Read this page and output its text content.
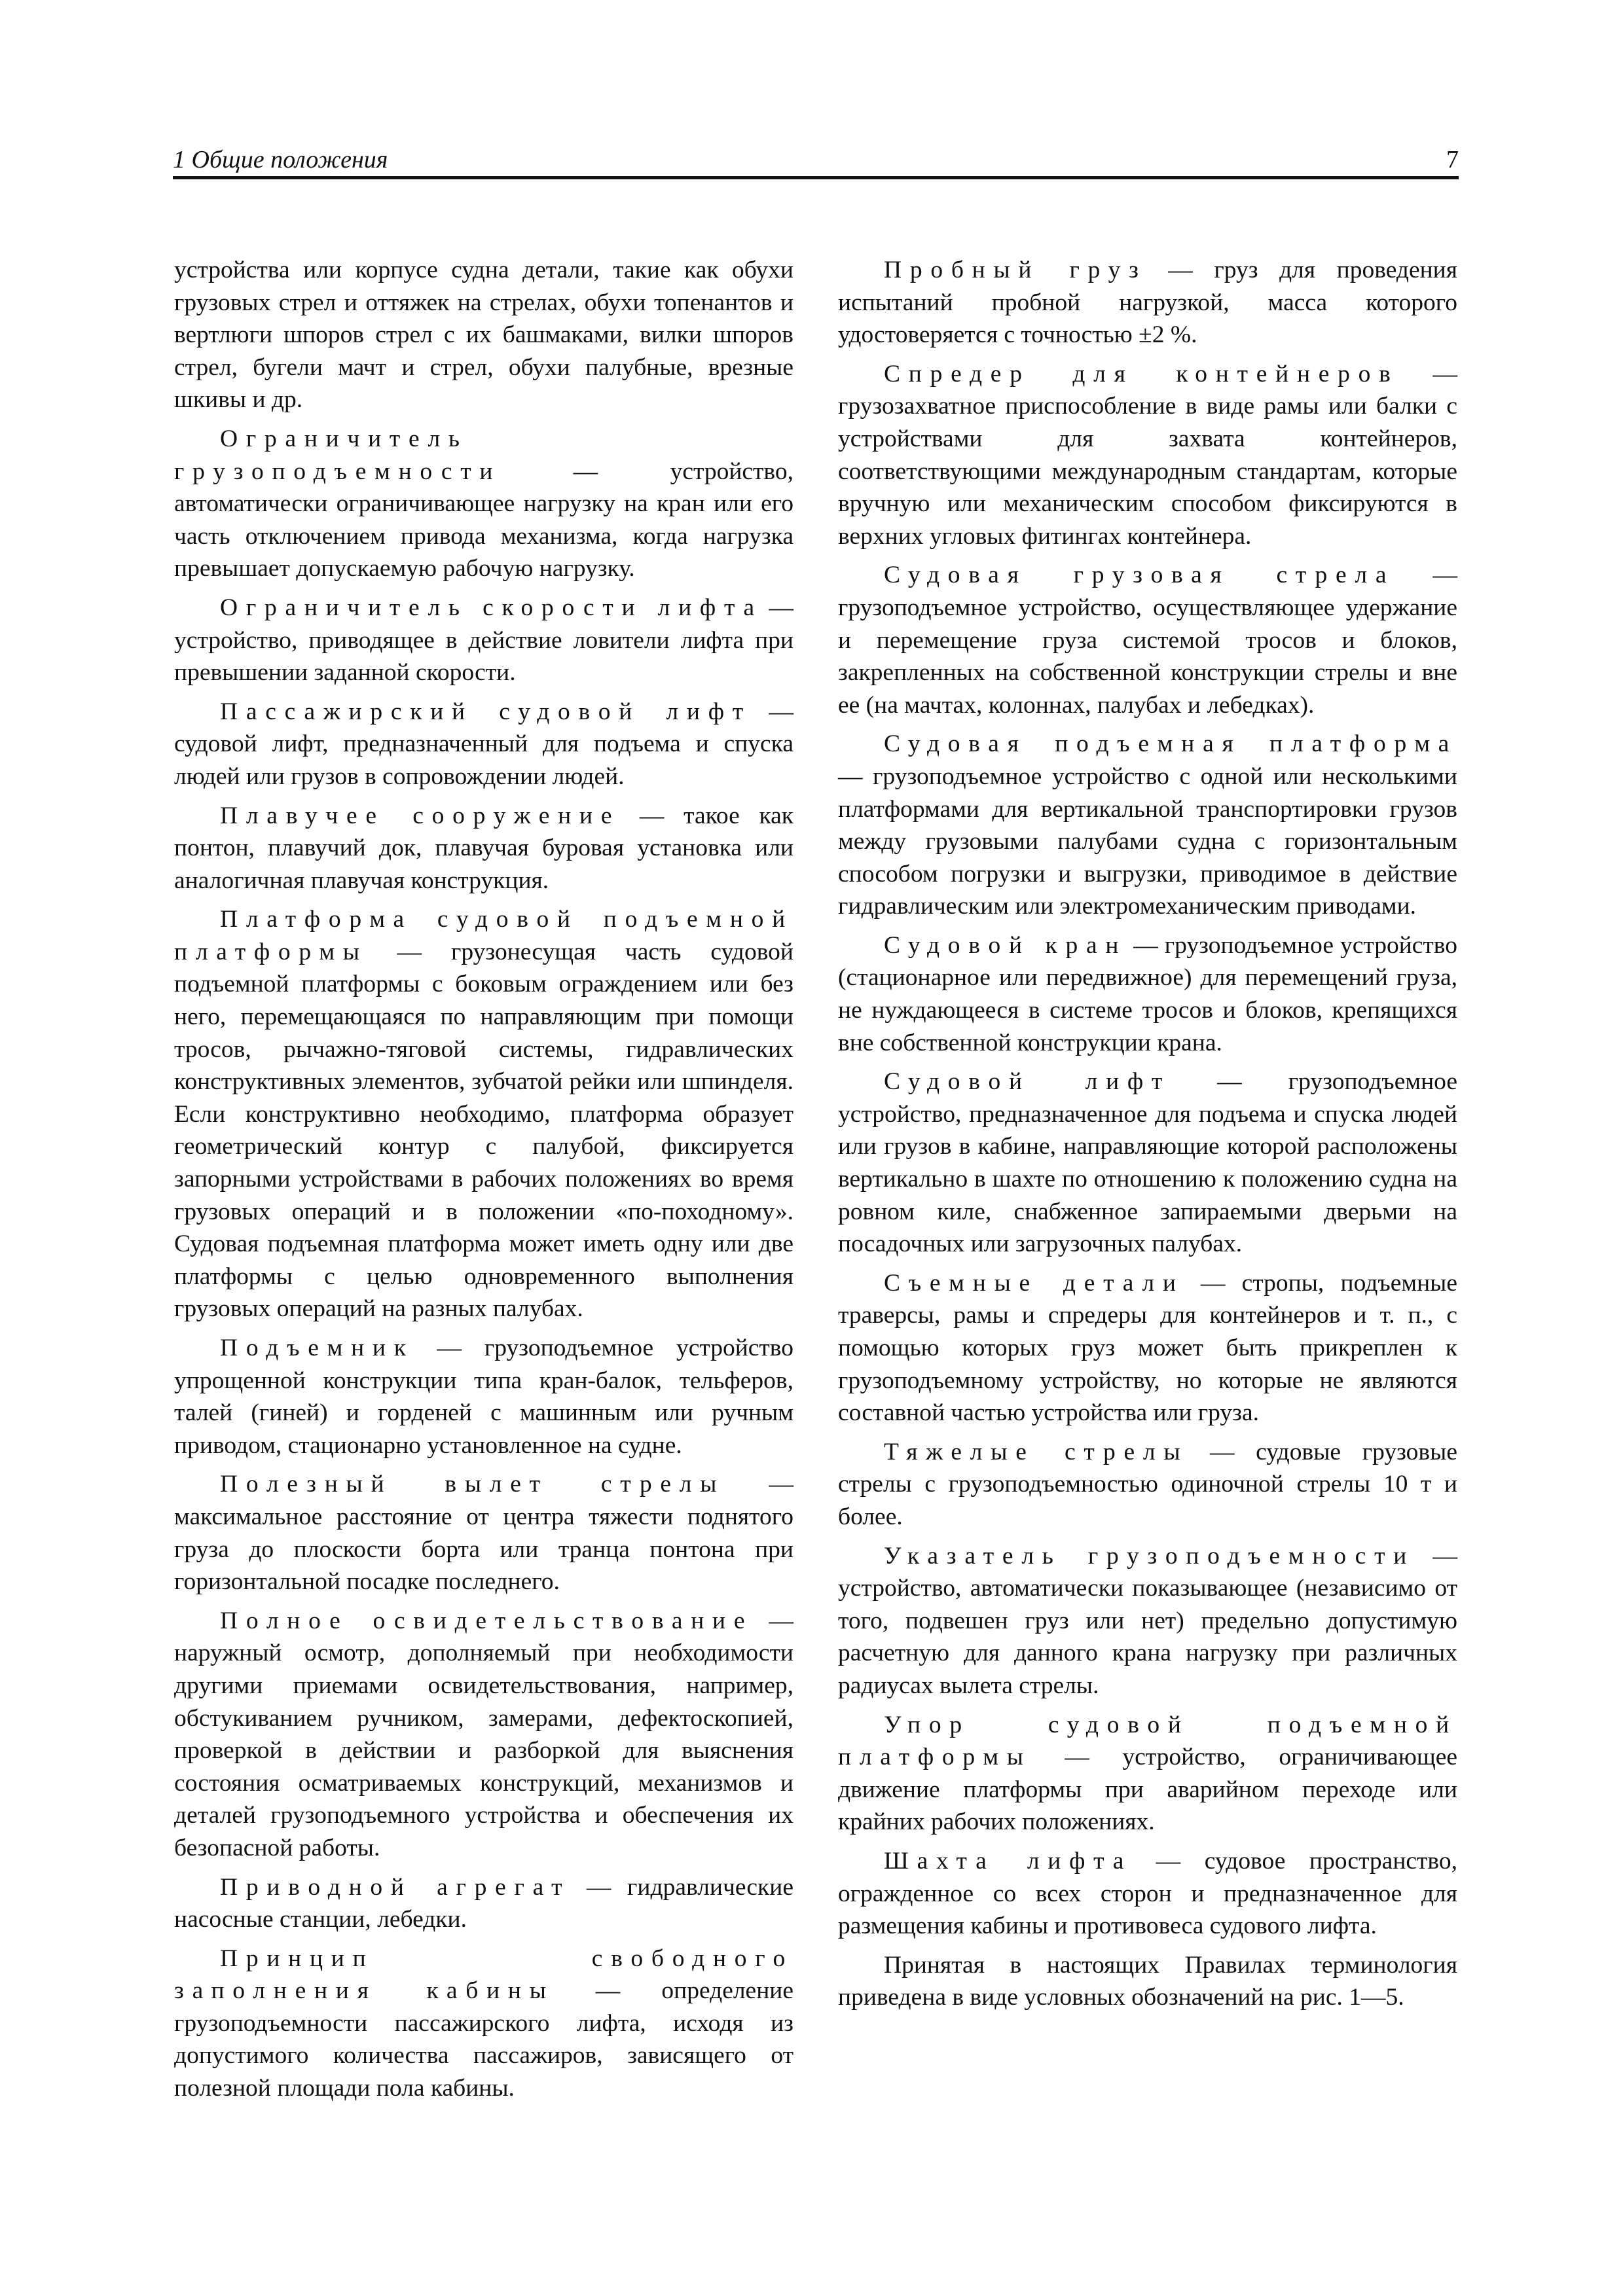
1 Общие положения	7

устройства или корпусе судна детали, такие как обухи грузовых стрел и оттяжек на стрелах, обухи топенантов и вертлюги шпоров стрел с их башмаками, вилки шпоров стрел, бугели мачт и стрел, обухи палубные, врезные шкивы и др.

Ограничитель грузоподъемности — устройство, автоматически ограничивающее нагрузку на кран или его часть отключением привода механизма, когда нагрузка превышает допускаемую рабочую нагрузку.

Ограничитель скорости лифта — устройство, приводящее в действие ловители лифта при превышении заданной скорости.

Пассажирский судовой лифт — судовой лифт, предназначенный для подъема и спуска людей или грузов в сопровождении людей.

Плавучее сооружение — такое как понтон, плавучий док, плавучая буровая установка или аналогичная плавучая конструкция.

Платформа судовой подъемной платформы — грузонесущая часть судовой подъемной платформы с боковым ограждением или без него, перемещающаяся по направляющим при помощи тросов, рычажно-тяговой системы, гидравлических конструктивных элементов, зубчатой рейки или шпинделя. Если конструктивно необходимо, платформа образует геометрический контур с палубой, фиксируется запорными устройствами в рабочих положениях во время грузовых операций и в положении «по-походному». Судовая подъемная платформа может иметь одну или две платформы с целью одновременного выполнения грузовых операций на разных палубах.

Подъемник — грузоподъемное устройство упрощенной конструкции типа кран-балок, тельферов, талей (гиней) и горденей с машинным или ручным приводом, стационарно установленное на судне.

Полезный вылет стрелы — максимальное расстояние от центра тяжести поднятого груза до плоскости борта или транца понтона при горизонтальной посадке последнего.

Полное освидетельствование — наружный осмотр, дополняемый при необходимости другими приемами освидетельствования, например, обстукиванием ручником, замерами, дефектоскопией, проверкой в действии и разборкой для выяснения состояния осматриваемых конструкций, механизмов и деталей грузоподъемного устройства и обеспечения их безопасной работы.

Приводной агрегат — гидравлические насосные станции, лебедки.

Принцип свободного заполнения кабины — определение грузоподъемности пассажирского лифта, исходя из допустимого количества пассажиров, зависящего от полезной площади пола кабины.

Пробный груз — груз для проведения испытаний пробной нагрузкой, масса которого удостоверяется с точностью ±2 %.

Спредер для контейнеров — грузозахватное приспособление в виде рамы или балки с устройствами для захвата контейнеров, соответствующими международным стандартам, которые вручную или механическим способом фиксируются в верхних угловых фитингах контейнера.

Судовая грузовая стрела — грузоподъемное устройство, осуществляющее удержание и перемещение груза системой тросов и блоков, закрепленных на собственной конструкции стрелы и вне ее (на мачтах, колоннах, палубах и лебедках).

Судовая подъемная платформа — грузоподъемное устройство с одной или несколькими платформами для вертикальной транспортировки грузов между грузовыми палубами судна с горизонтальным способом погрузки и выгрузки, приводимое в действие гидравлическим или электромеханическим приводами.

Судовой кран — грузоподъемное устройство (стационарное или передвижное) для перемещений груза, не нуждающееся в системе тросов и блоков, крепящихся вне собственной конструкции крана.

Судовой лифт — грузоподъемное устройство, предназначенное для подъема и спуска людей или грузов в кабине, направляющие которой расположены вертикально в шахте по отношению к положению судна на ровном киле, снабженное запираемыми дверьми на посадочных или загрузочных палубах.

Съемные детали — стропы, подъемные траверсы, рамы и спредеры для контейнеров и т. п., с помощью которых груз может быть прикреплен к грузоподъемному устройству, но которые не являются составной частью устройства или груза.

Тяжелые стрелы — судовые грузовые стрелы с грузоподъемностью одиночной стрелы 10 т и более.

Указатель грузоподъемности — устройство, автоматически показывающее (независимо от того, подвешен груз или нет) предельно допустимую расчетную для данного крана нагрузку при различных радиусах вылета стрелы.

Упор судовой подъемной платформы — устройство, ограничивающее движение платформы при аварийном переходе или крайних рабочих положениях.

Шахта лифта — судовое пространство, огражденное со всех сторон и предназначенное для размещения кабины и противовеса судового лифта.

Принятая в настоящих Правилах терминология приведена в виде условных обозначений на рис. 1—5.
